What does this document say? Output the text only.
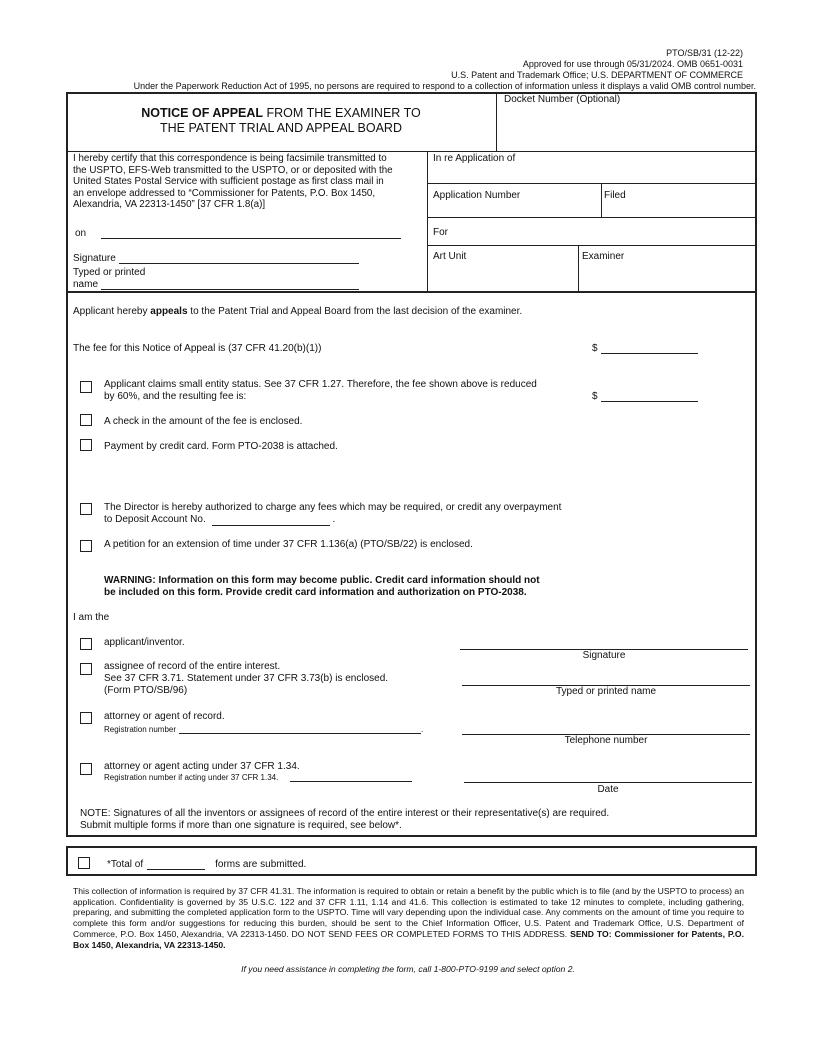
PTO/SB/31 (12-22)
Approved for use through 05/31/2024. OMB 0651-0031
U.S. Patent and Trademark Office; U.S. DEPARTMENT OF COMMERCE
Under the Paperwork Reduction Act of 1995, no persons are required to respond to a collection of information unless it displays a valid OMB control number.
NOTICE OF APPEAL FROM THE EXAMINER TO
THE PATENT TRIAL AND APPEAL BOARD
Docket Number (Optional)
I hereby certify that this correspondence is being facsimile transmitted to
the USPTO, EFS-Web transmitted to the USPTO, or or deposited with the
United States Postal Service with sufficient postage as first class mail in
an envelope addressed to “Commissioner for Patents, P.O. Box 1450,
Alexandria, VA 22313-1450” [37 CFR 1.8(a)]
on
Signature
Typed or printed
name
In re Application of
Application Number	Filed
For
Art Unit	Examiner
Applicant hereby appeals to the Patent Trial and Appeal Board from the last decision of the examiner.
The fee for this Notice of Appeal is (37 CFR 41.20(b)(1))	$
Applicant claims small entity status. See 37 CFR 1.27. Therefore, the fee shown above is reduced
by 60%, and the resulting fee is:	$
A check in the amount of the fee is enclosed.
Payment by credit card. Form PTO-2038 is attached.
The Director is hereby authorized to charge any fees which may be required, or credit any overpayment
to Deposit Account No.	.
A petition for an extension of time under 37 CFR 1.136(a) (PTO/SB/22) is enclosed.
WARNING: Information on this form may become public. Credit card information should not
be included on this form. Provide credit card information and authorization on PTO-2038.
I am the
applicant/inventor.
assignee of record of the entire interest.
See 37 CFR 3.71. Statement under 37 CFR 3.73(b) is enclosed.
(Form PTO/SB/96)
attorney or agent of record.
Registration number	.
attorney or agent acting under 37 CFR 1.34.
Registration number if acting under 37 CFR 1.34.
Signature
Typed or printed name
Telephone number
Date
NOTE: Signatures of all the inventors or assignees of record of the entire interest or their representative(s) are required.
Submit multiple forms if more than one signature is required, see below*.
*Total of	forms are submitted.
This collection of information is required by 37 CFR 41.31. The information is required to obtain or retain a benefit by the public which is to file (and by the USPTO to process) an application. Confidentiality is governed by 35 U.S.C. 122 and 37 CFR 1.11, 1.14 and 41.6. This collection is estimated to take 12 minutes to complete, including gathering, preparing, and submitting the completed application form to the USPTO. Time will vary depending upon the individual case. Any comments on the amount of time you require to complete this form and/or suggestions for reducing this burden, should be sent to the Chief Information Officer, U.S. Patent and Trademark Office, U.S. Department of Commerce, P.O. Box 1450, Alexandria, VA 22313-1450. DO NOT SEND FEES OR COMPLETED FORMS TO THIS ADDRESS. SEND TO: Commissioner for Patents, P.O. Box 1450, Alexandria, VA 22313-1450.
If you need assistance in completing the form, call 1-800-PTO-9199 and select option 2.
